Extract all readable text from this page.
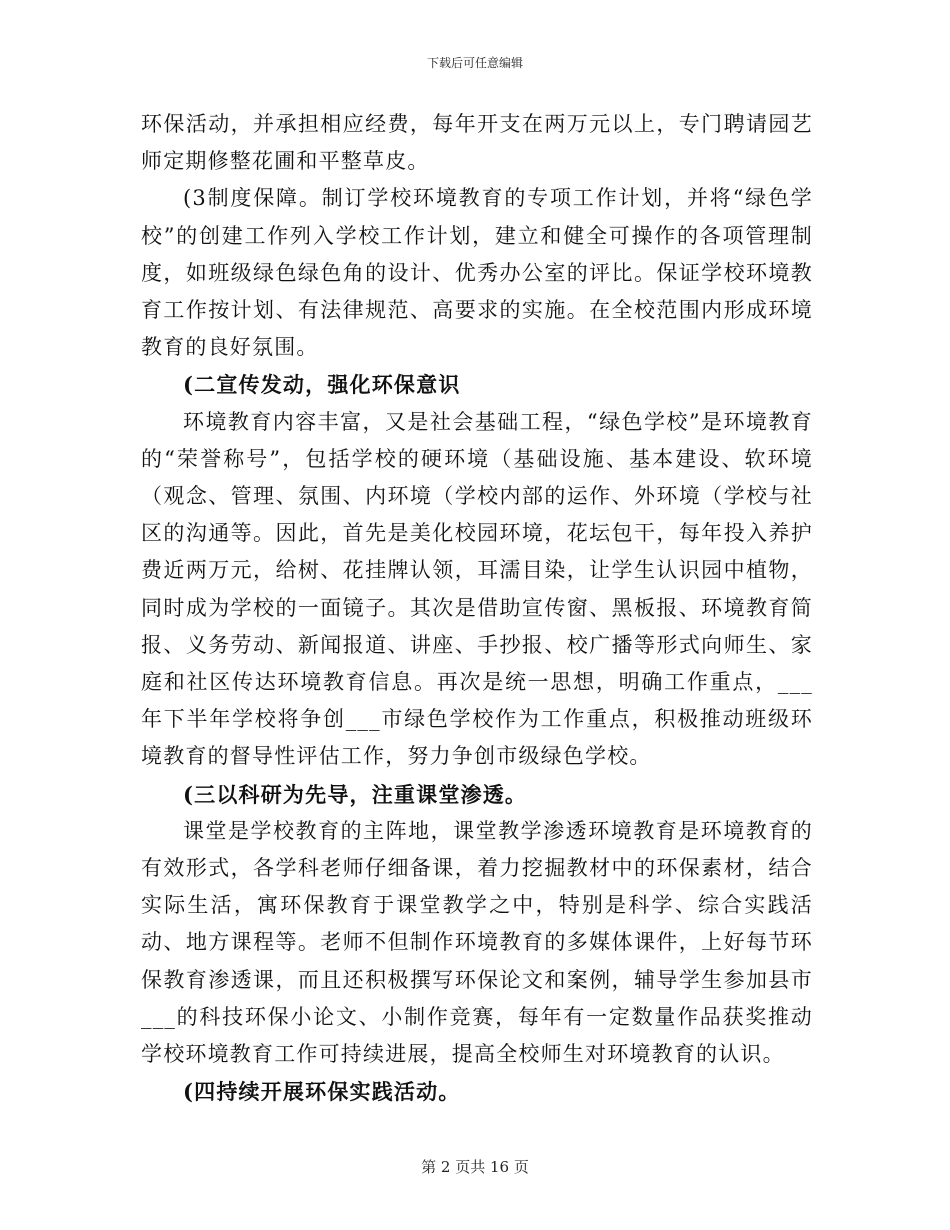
下载后可任意编辑

环保活动，并承担相应经费，每年开支在两万元以上，专门聘请园艺师定期修整花圃和平整草皮。

(3制度保障。制订学校环境教育的专项工作计划，并将“绿色学校”的创建工作列入学校工作计划，建立和健全可操作的各项管理制度，如班级绿色绿色角的设计、优秀办公室的评比。保证学校环境教育工作按计划、有法律规范、高要求的实施。在全校范围内形成环境教育的良好氛围。

(二宣传发动，强化环保意识

环境教育内容丰富，又是社会基础工程，“绿色学校”是环境教育的“荣誉称号”，包括学校的硬环境（基础设施、基本建设、软环境（观念、管理、氛围、内环境（学校内部的运作、外环境（学校与社区的沟通等。因此，首先是美化校园环境，花坛包干，每年投入养护费近两万元，给树、花挂牌认领，耳濡目染，让学生认识园中植物，同时成为学校的一面镜子。其次是借助宣传窗、黑板报、环境教育简报、义务劳动、新闻报道、讲座、手抄报、校广播等形式向师生、家庭和社区传达环境教育信息。再次是统一思想，明确工作重点，___年下半年学校将争创___市绿色学校作为工作重点，积极推动班级环境教育的督导性评估工作，努力争创市级绿色学校。

(三以科研为先导，注重课堂渗透。

课堂是学校教育的主阵地，课堂教学渗透环境教育是环境教育的有效形式，各学科老师仔细备课，着力挖掘教材中的环保素材，结合实际生活，寓环保教育于课堂教学之中，特别是科学、综合实践活动、地方课程等。老师不但制作环境教育的多媒体课件，上好每节环保教育渗透课，而且还积极撰写环保论文和案例，辅导学生参加县市___的科技环保小论文、小制作竞赛，每年有一定数量作品获奖推动学校环境教育工作可持续进展，提高全校师生对环境教育的认识。

(四持续开展环保实践活动。

第 2 页共 16 页
